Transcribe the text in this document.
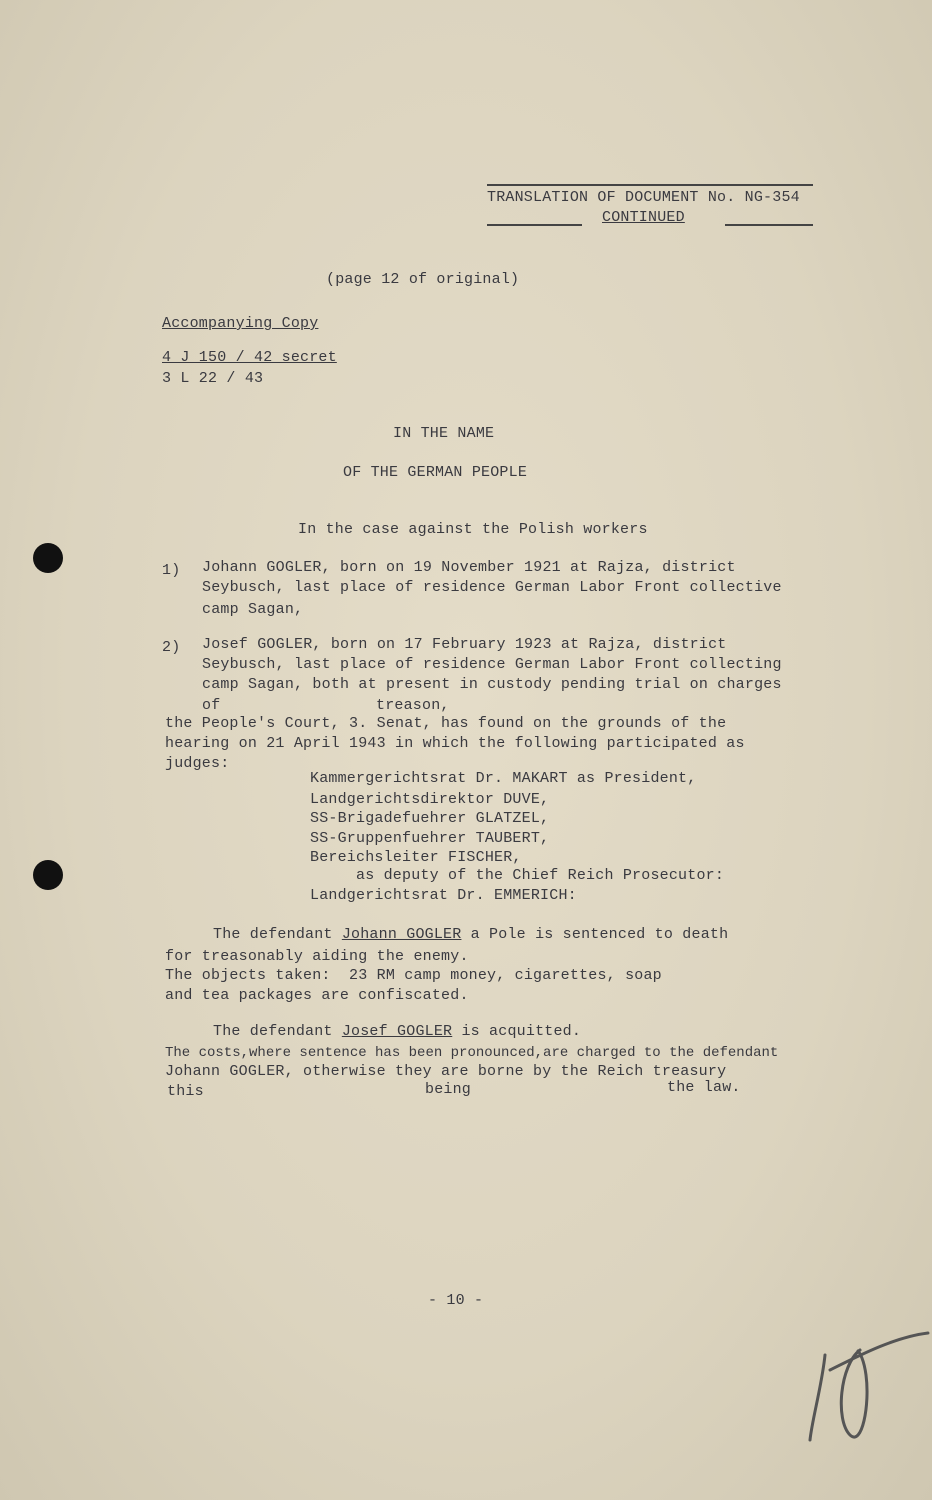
TRANSLATION OF DOCUMENT No. NG-354
CONTINUED
(page 12 of original)
Accompanying Copy
4 J 150 / 42 secret
3 L 22 / 43
IN THE NAME
OF THE GERMAN PEOPLE
In the case against the Polish workers
1) Johann GOGLER, born on 19 November 1921 at Rajza, district
Seybusch, last place of residence German Labor Front collective
camp Sagan,
2) Josef GOGLER, born on 17 February 1923 at Rajza, district
Seybusch, last place of residence German Labor Front collecting
camp Sagan, both at present in custody pending trial on charges
of	treason,
the People's Court, 3. Senat, has found on the grounds of the
hearing on 21 April 1943 in which the following participated as
judges:
Kammergerichtsrat Dr. MAKART as President,
Landgerichtsdirektor DUVE,
SS-Brigadefuehrer GLATZEL,
SS-Gruppenfuehrer TAUBERT,
Bereichsleiter FISCHER,
as deputy of the Chief Reich Prosecutor:
Landgerichtsrat Dr. EMMERICH:
The defendant Johann GOGLER a Pole is sentenced to death
for treasonably aiding the enemy.
The objects taken:  23 RM camp money, cigarettes, soap
and tea packages are confiscated.
The defendant Josef GOGLER is acquitted.
The costs,where sentence has been pronounced,are charged to the defendant
Johann GOGLER, otherwise they are borne by the Reich treasury
this	being	the law.
- 10 -
